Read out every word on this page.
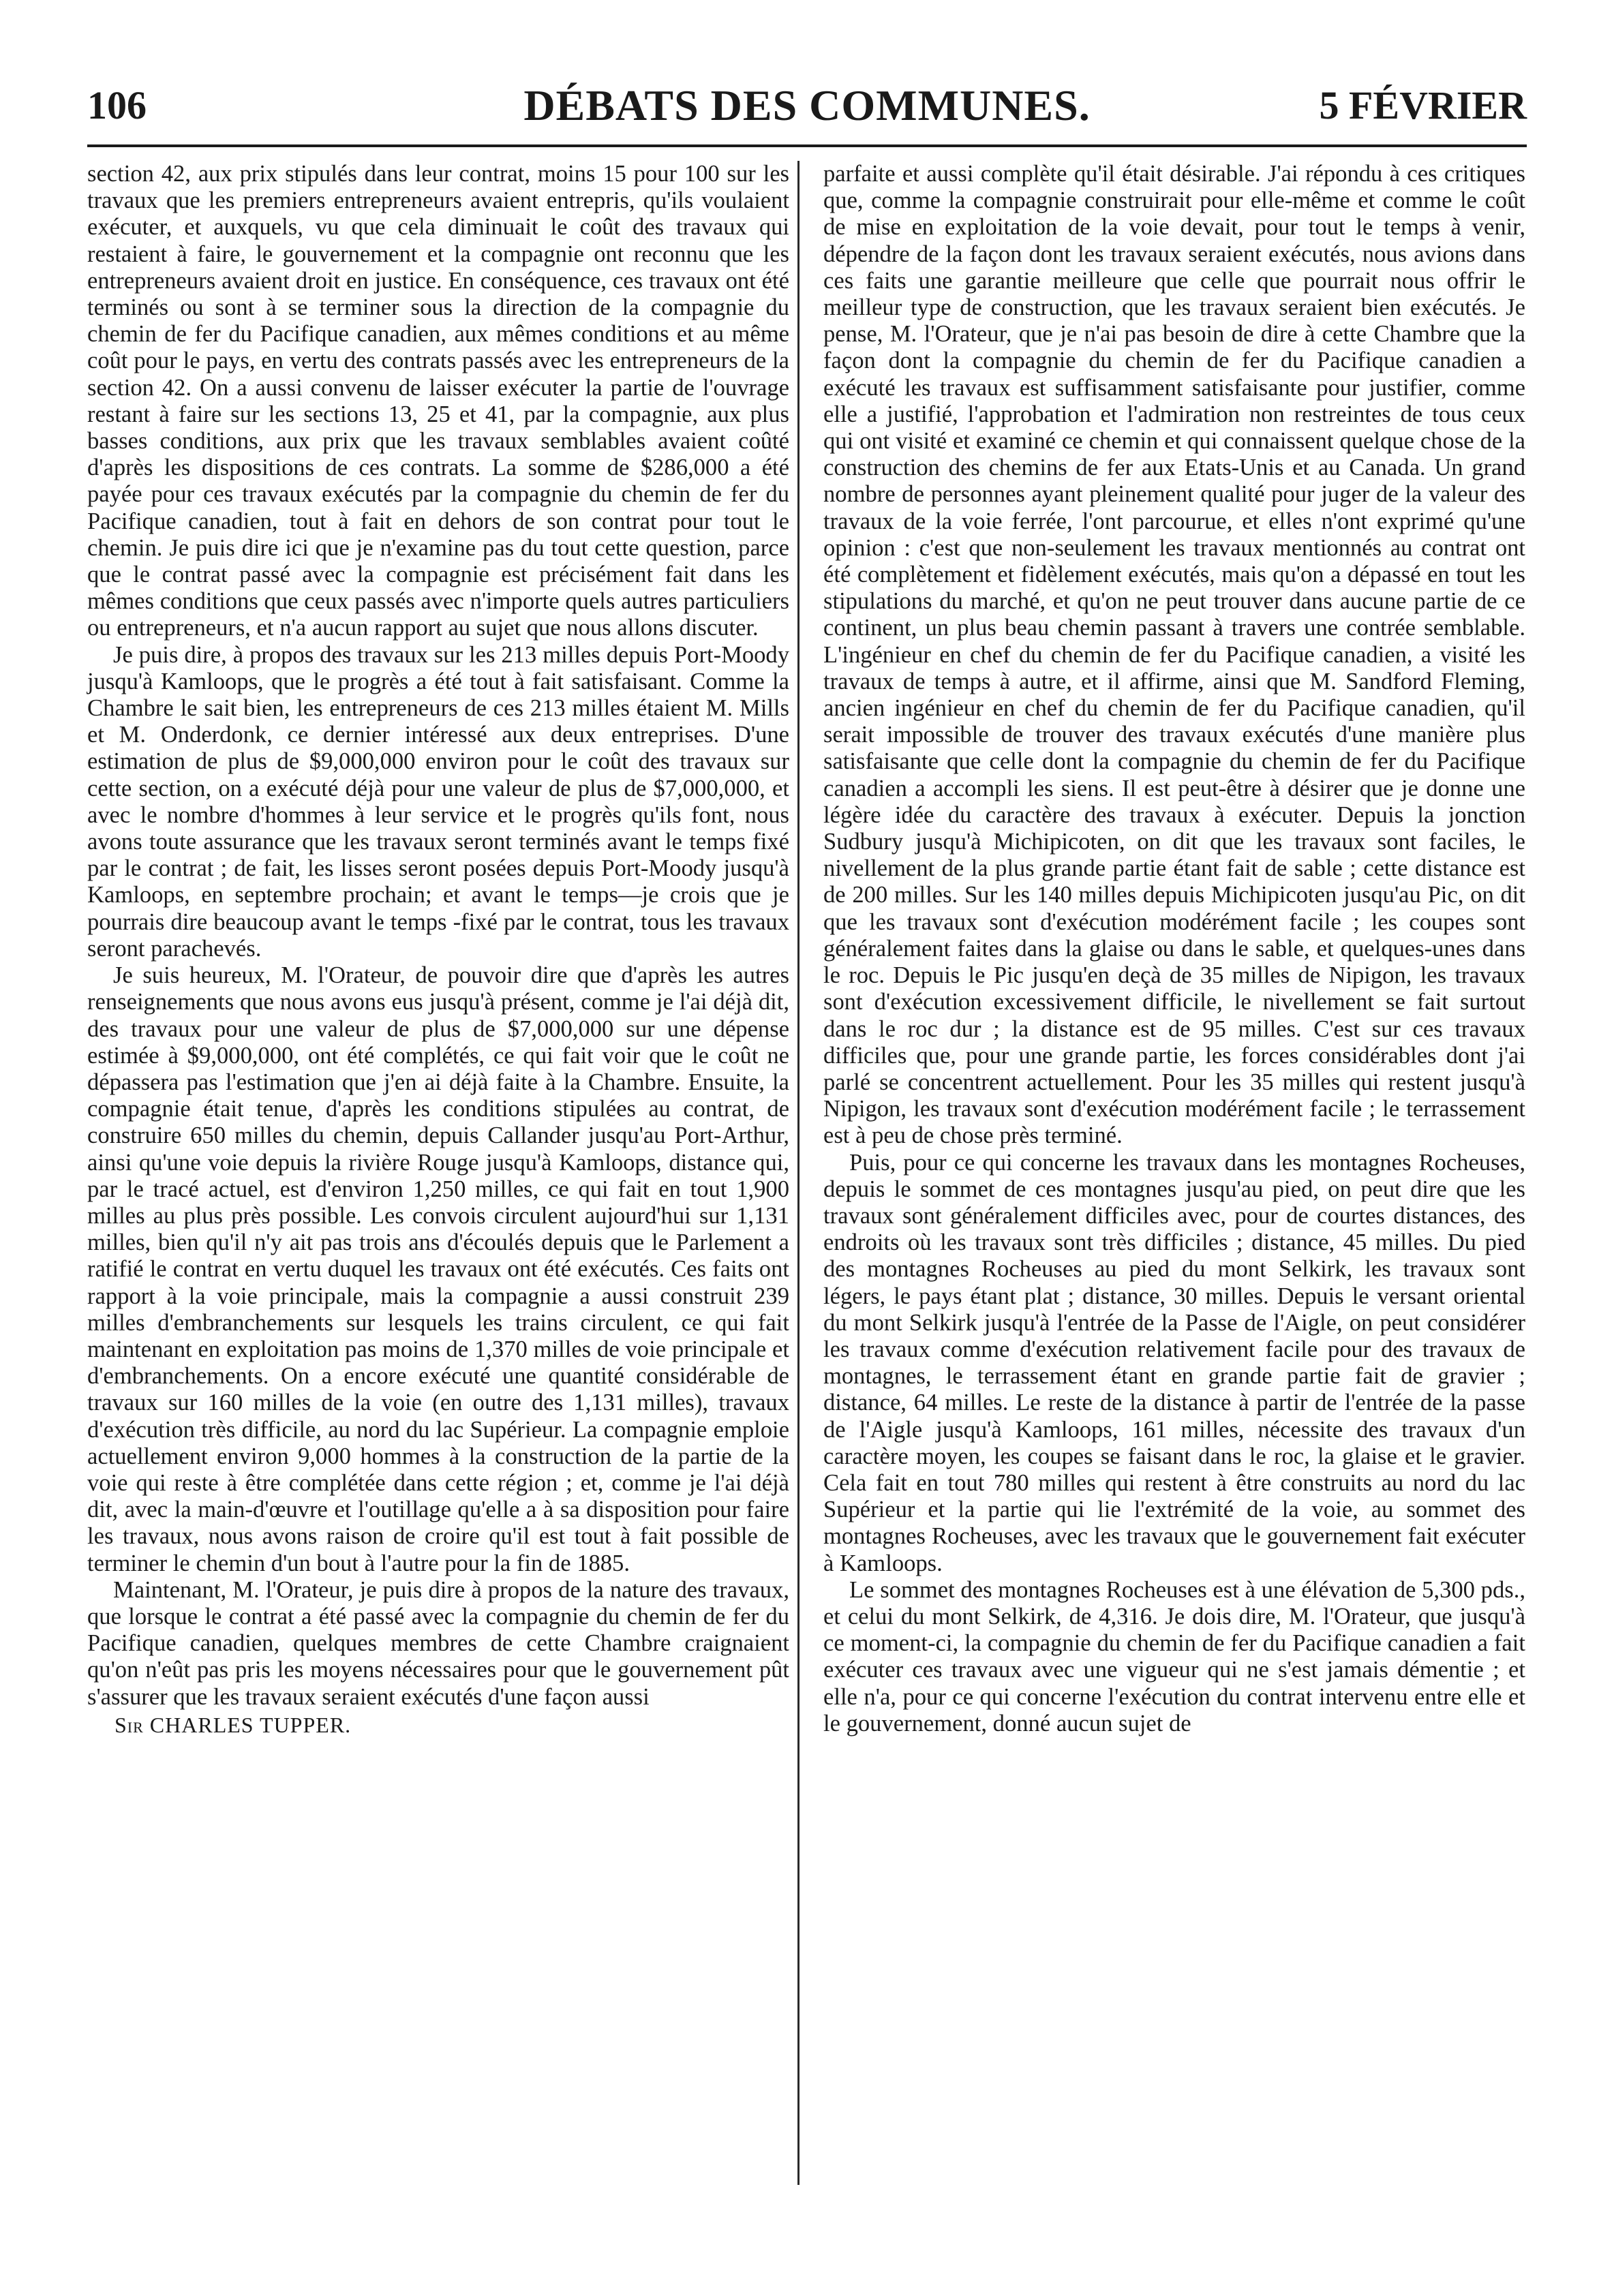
DÉBATS DES COMMUNES.
106	5 FÉVRIER

section 42, aux prix stipulés dans leur contrat, moins 15 pour 100 sur les travaux que les premiers entrepreneurs avaient entrepris, qu'ils voulaient exécuter, et auxquels, vu que cela diminuait le coût des travaux qui restaient à faire, le gouvernement et la compagnie ont reconnu que les entrepreneurs avaient droit en justice. En conséquence, ces travaux ont été terminés ou sont à se terminer sous la direction de la compagnie du chemin de fer du Pacifique canadien, aux mêmes conditions et au même coût pour le pays, en vertu des contrats passés avec les entrepreneurs de la section 42. On a aussi convenu de laisser exécuter la partie de l'ouvrage restant à faire sur les sections 13, 25 et 41, par la compagnie, aux plus basses conditions, aux prix que les travaux semblables avaient coûté d'après les dispositions de ces contrats. La somme de $286,000 a été payée pour ces travaux exécutés par la compagnie du chemin de fer du Pacifique canadien, tout à fait en dehors de son contrat pour tout le chemin. Je puis dire ici que je n'examine pas du tout cette question, parce que le contrat passé avec la compagnie est précisément fait dans les mêmes conditions que ceux passés avec n'importe quels autres particuliers ou entrepreneurs, et n'a aucun rapport au sujet que nous allons discuter.

Je puis dire, à propos des travaux sur les 213 milles depuis Port-Moody jusqu'à Kamloops, que le progrès a été tout à fait satisfaisant. Comme la Chambre le sait bien, les entrepreneurs de ces 213 milles étaient M. Mills et M. Onderdonk, ce dernier intéressé aux deux entreprises. D'une estimation de plus de $9,000,000 environ pour le coût des travaux sur cette section, on a exécuté déjà pour une valeur de plus de $7,000,000, et avec le nombre d'hommes à leur service et le progrès qu'ils font, nous avons toute assurance que les travaux seront terminés avant le temps fixé par le contrat ; de fait, les lisses seront posées depuis Port-Moody jusqu'à Kamloops, en septembre prochain; et avant le temps—je crois que je pourrais dire beaucoup avant le temps -fixé par le contrat, tous les travaux seront parachevés.

Je suis heureux, M. l'Orateur, de pouvoir dire que d'après les autres renseignements que nous avons eus jusqu'à présent, comme je l'ai déjà dit, des travaux pour une valeur de plus de $7,000,000 sur une dépense estimée à $9,000,000, ont été complétés, ce qui fait voir que le coût ne dépassera pas l'estimation que j'en ai déjà faite à la Chambre. Ensuite, la compagnie était tenue, d'après les conditions stipulées au contrat, de construire 650 milles du chemin, depuis Callander jusqu'au Port-Arthur, ainsi qu'une voie depuis la rivière Rouge jusqu'à Kamloops, distance qui, par le tracé actuel, est d'environ 1,250 milles, ce qui fait en tout 1,900 milles au plus près possible. Les convois circulent aujourd'hui sur 1,131 milles, bien qu'il n'y ait pas trois ans d'écoulés depuis que le Parlement a ratifié le contrat en vertu duquel les travaux ont été exécutés. Ces faits ont rapport à la voie principale, mais la compagnie a aussi construit 239 milles d'embranchements sur lesquels les trains circulent, ce qui fait maintenant en exploitation pas moins de 1,370 milles de voie principale et d'embranchements. On a encore exécuté une quantité considérable de travaux sur 160 milles de la voie (en outre des 1,131 milles), travaux d'exécution très difficile, au nord du lac Supérieur. La compagnie emploie actuellement environ 9,000 hommes à la construction de la partie de la voie qui reste à être complétée dans cette région ; et, comme je l'ai déjà dit, avec la main-d'œuvre et l'outillage qu'elle a à sa disposition pour faire les travaux, nous avons raison de croire qu'il est tout à fait possible de terminer le chemin d'un bout à l'autre pour la fin de 1885.

Maintenant, M. l'Orateur, je puis dire à propos de la nature des travaux, que lorsque le contrat a été passé avec la compagnie du chemin de fer du Pacifique canadien, quelques membres de cette Chambre craignaient qu'on n'eût pas pris les moyens nécessaires pour que le gouvernement pût s'assurer que les travaux seraient exécutés d'une façon aussi

Sir CHARLES TUPPER.

parfaite et aussi complète qu'il était désirable. J'ai répondu à ces critiques que, comme la compagnie construirait pour elle-même et comme le coût de mise en exploitation de la voie devait, pour tout le temps à venir, dépendre de la façon dont les travaux seraient exécutés, nous avions dans ces faits une garantie meilleure que celle que pourrait nous offrir le meilleur type de construction, que les travaux seraient bien exécutés. Je pense, M. l'Orateur, que je n'ai pas besoin de dire à cette Chambre que la façon dont la compagnie du chemin de fer du Pacifique canadien a exécuté les travaux est suffisamment satisfaisante pour justifier, comme elle a justifié, l'approbation et l'admiration non restreintes de tous ceux qui ont visité et examiné ce chemin et qui connaissent quelque chose de la construction des chemins de fer aux Etats-Unis et au Canada. Un grand nombre de personnes ayant pleinement qualité pour juger de la valeur des travaux de la voie ferrée, l'ont parcourue, et elles n'ont exprimé qu'une opinion : c'est que non-seulement les travaux mentionnés au contrat ont été complètement et fidèlement exécutés, mais qu'on a dépassé en tout les stipulations du marché, et qu'on ne peut trouver dans aucune partie de ce continent, un plus beau chemin passant à travers une contrée semblable. L'ingénieur en chef du chemin de fer du Pacifique canadien, a visité les travaux de temps à autre, et il affirme, ainsi que M. Sandford Fleming, ancien ingénieur en chef du chemin de fer du Pacifique canadien, qu'il serait impossible de trouver des travaux exécutés d'une manière plus satisfaisante que celle dont la compagnie du chemin de fer du Pacifique canadien a accompli les siens. Il est peut-être à désirer que je donne une légère idée du caractère des travaux à exécuter. Depuis la jonction Sudbury jusqu'à Michipicoten, on dit que les travaux sont faciles, le nivellement de la plus grande partie étant fait de sable ; cette distance est de 200 milles. Sur les 140 milles depuis Michipicoten jusqu'au Pic, on dit que les travaux sont d'exécution modérément facile ; les coupes sont généralement faites dans la glaise ou dans le sable, et quelques-unes dans le roc. Depuis le Pic jusqu'en deçà de 35 milles de Nipigon, les travaux sont d'exécution excessivement difficile, le nivellement se fait surtout dans le roc dur ; la distance est de 95 milles. C'est sur ces travaux difficiles que, pour une grande partie, les forces considérables dont j'ai parlé se concentrent actuellement. Pour les 35 milles qui restent jusqu'à Nipigon, les travaux sont d'exécution modérément facile ; le terrassement est à peu de chose près terminé.

Puis, pour ce qui concerne les travaux dans les montagnes Rocheuses, depuis le sommet de ces montagnes jusqu'au pied, on peut dire que les travaux sont généralement difficiles avec, pour de courtes distances, des endroits où les travaux sont très difficiles ; distance, 45 milles. Du pied des montagnes Rocheuses au pied du mont Selkirk, les travaux sont légers, le pays étant plat ; distance, 30 milles. Depuis le versant oriental du mont Selkirk jusqu'à l'entrée de la Passe de l'Aigle, on peut considérer les travaux comme d'exécution relativement facile pour des travaux de montagnes, le terrassement étant en grande partie fait de gravier ; distance, 64 milles. Le reste de la distance à partir de l'entrée de la passe de l'Aigle jusqu'à Kamloops, 161 milles, nécessite des travaux d'un caractère moyen, les coupes se faisant dans le roc, la glaise et le gravier. Cela fait en tout 780 milles qui restent à être construits au nord du lac Supérieur et la partie qui lie l'extrémité de la voie, au sommet des montagnes Rocheuses, avec les travaux que le gouvernement fait exécuter à Kamloops.

Le sommet des montagnes Rocheuses est à une élévation de 5,300 pds., et celui du mont Selkirk, de 4,316. Je dois dire, M. l'Orateur, que jusqu'à ce moment-ci, la compagnie du chemin de fer du Pacifique canadien a fait exécuter ces travaux avec une vigueur qui ne s'est jamais démentie ; et elle n'a, pour ce qui concerne l'exécution du contrat intervenu entre elle et le gouvernement, donné aucun sujet de
